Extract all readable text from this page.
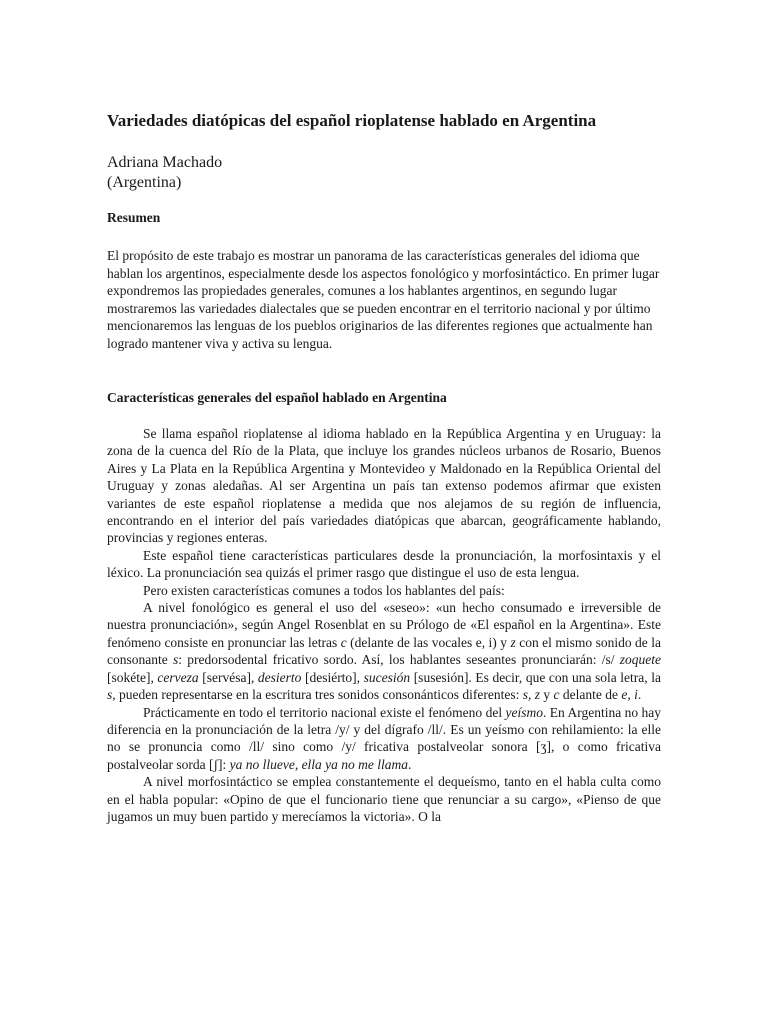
Variedades diatópicas del español rioplatense hablado en Argentina
Adriana Machado
(Argentina)
Resumen

El propósito de este trabajo es mostrar un panorama de las características generales del idioma que hablan los argentinos, especialmente desde los aspectos fonológico y morfosintáctico. En primer lugar expondremos las propiedades generales, comunes a los hablantes argentinos, en segundo lugar mostraremos las variedades dialectales que se pueden encontrar en el territorio nacional y por último mencionaremos las lenguas de los pueblos originarios de las diferentes regiones que actualmente han logrado mantener viva y activa su lengua.

Características generales del español hablado en Argentina

Se llama español rioplatense al idioma hablado en la República Argentina y en Uruguay: la zona de la cuenca del Río de la Plata, que incluye los grandes núcleos urbanos de Rosario, Buenos Aires y La Plata en la República Argentina y Montevideo y Maldonado en la República Oriental del Uruguay y zonas aledañas. Al ser Argentina un país tan extenso podemos afirmar que existen variantes de este español rioplatense a medida que nos alejamos de su región de influencia, encontrando en el interior del país variedades diatópicas que abarcan, geográficamente hablando, provincias y regiones enteras.

Este español tiene características particulares desde la pronunciación, la morfosintaxis y el léxico. La pronunciación sea quizás el primer rasgo que distingue el uso de esta lengua.

Pero existen características comunes a todos los hablantes del país:

A nivel fonológico es general el uso del «seseo»: «un hecho consumado e irreversible de nuestra pronunciación», según Angel Rosenblat en su Prólogo de «El español en la Argentina». Este fenómeno consiste en pronunciar las letras c (delante de las vocales e, i) y z con el mismo sonido de la consonante s: predorsodental fricativo sordo. Así, los hablantes seseantes pronunciarán: /s/ zoquete [sokéte], cerveza [servésa], desierto [desiérto], sucesión [susesión]. Es decir, que con una sola letra, la s, pueden representarse en la escritura tres sonidos consonánticos diferentes: s, z y c delante de e, i.

Prácticamente en todo el territorio nacional existe el fenómeno del yeísmo. En Argentina no hay diferencia en la pronunciación de la letra /y/ y del dígrafo /ll/. Es un yeísmo con rehilamiento: la elle no se pronuncia como /ll/ sino como /y/ fricativa postalveolar sonora [ʒ], o como fricativa postalveolar sorda [ʃ]: ya no llueve, ella ya no me llama.

A nivel morfosintáctico se emplea constantemente el dequeísmo, tanto en el habla culta como en el habla popular: «Opino de que el funcionario tiene que renunciar a su cargo», «Pienso de que jugamos un muy buen partido y merecíamos la victoria». O la
